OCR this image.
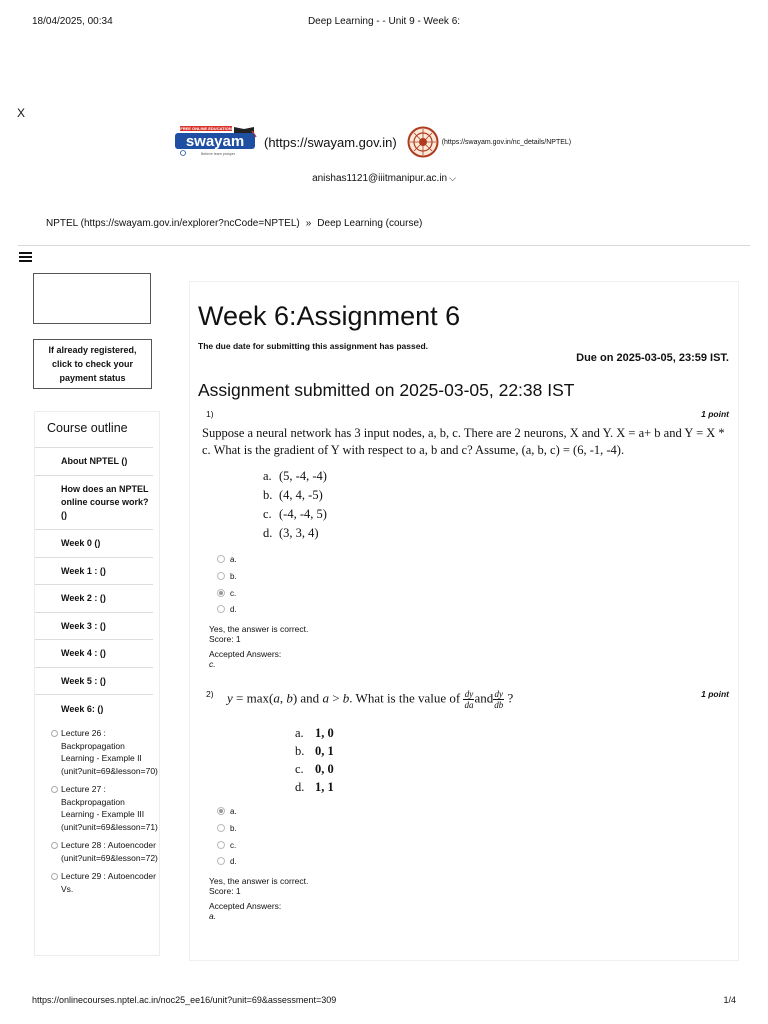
18/04/2025, 00:34	Deep Learning - - Unit 9 - Week 6:
X
FREE ONLINE EDUCATION
swayam
Believe learn prosper
(https://swayam.gov.in)	(https://swayam.gov.in/nc_details/NPTEL)
anishas1121@iiitmanipur.ac.in ⌵
NPTEL (https://swayam.gov.in/explorer?ncCode=NPTEL) » Deep Learning (course)
If already registered,
click to check your
payment status
Course outline
About NPTEL ()
How does an NPTEL online course work? ()
Week 0 ()
Week 1 : ()
Week 2 : ()
Week 3 : ()
Week 4 : ()
Week 5 : ()
Week 6: ()
Lecture 26 : Backpropagation Learning - Example II (unit?unit=69&lesson=70)
Lecture 27 : Backpropagation Learning - Example III (unit?unit=69&lesson=71)
Lecture 28 : Autoencoder (unit?unit=69&lesson=72)
Lecture 29 : Autoencoder Vs.
Week 6:Assignment 6
The due date for submitting this assignment has passed.
Due on 2025-03-05, 23:59 IST.
Assignment submitted on 2025-03-05, 22:38 IST
1)	1 point
Suppose a neural network has 3 input nodes, a, b, c. There are 2 neurons, X and Y. X = a+ b and Y = X * c. What is the gradient of Y with respect to a, b and c? Assume, (a, b, c) = (6, -1, -4).
a. (5, -4, -4)
b. (4, 4, -5)
c. (-4, -4, 5)
d. (3, 3, 4)
a.
b.
c.
d.
Yes, the answer is correct.
Score: 1
Accepted Answers:
c.
2)	1 point
y = max(a, b) and a > b. What is the value of $\frac{dy}{da}$ and $\frac{dy}{db}$ ?
a. 1, 0
b. 0, 1
c. 0, 0
d. 1, 1
a.
b.
c.
d.
Yes, the answer is correct.
Score: 1
Accepted Answers:
a.
https://onlinecourses.nptel.ac.in/noc25_ee16/unit?unit=69&assessment=309	1/4
